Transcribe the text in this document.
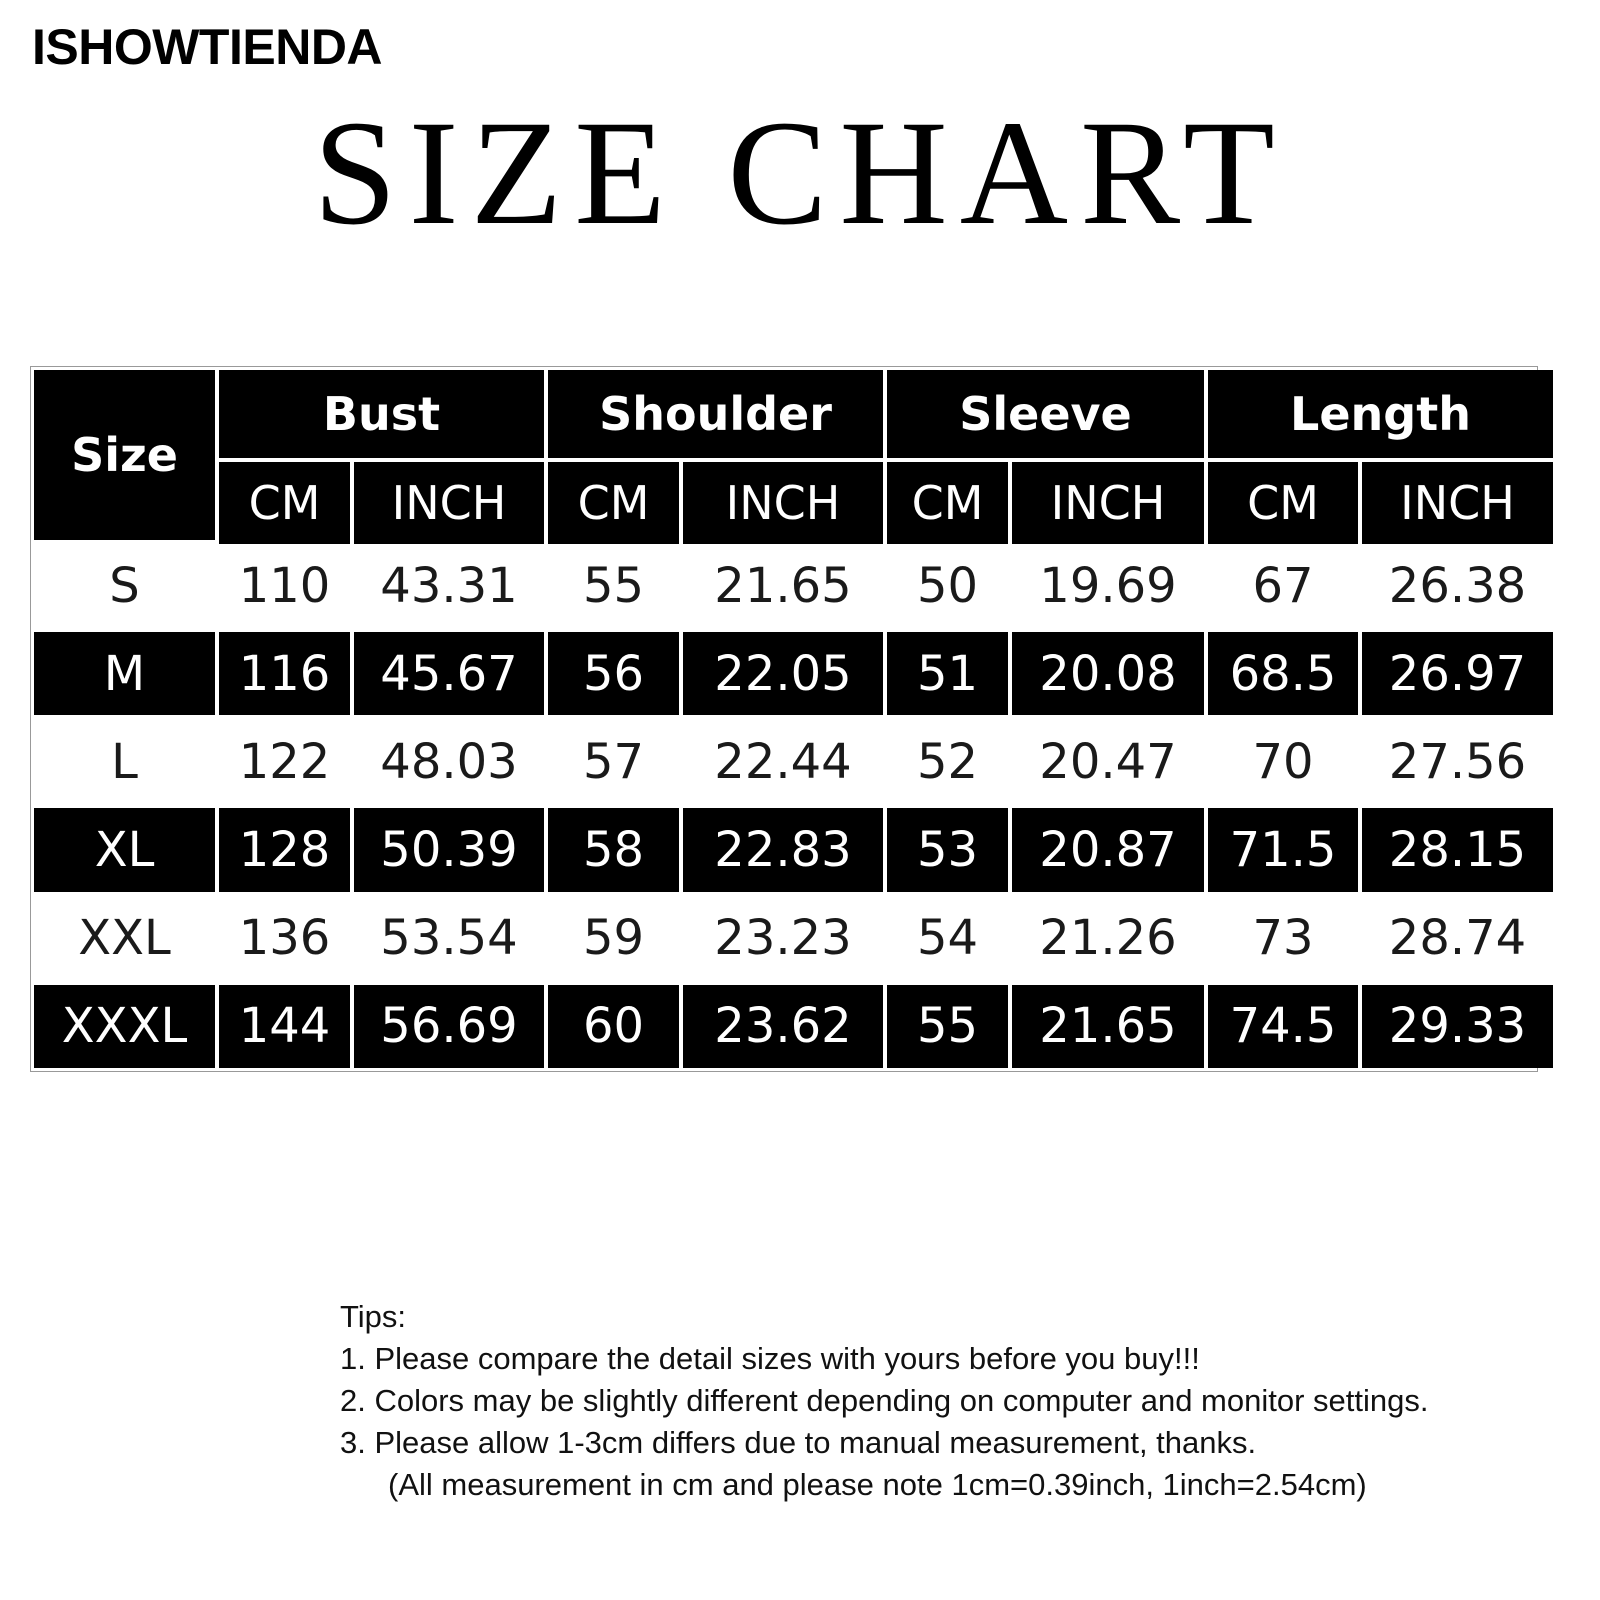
ISHOWTIENDA
SIZE CHART
Size	Bust		Shoulder		Sleeve		Length	
	CM	INCH	CM	INCH	CM	INCH	CM	INCH
S	110	43.31	55	21.65	50	19.69	67	26.38
M	116	45.67	56	22.05	51	20.08	68.5	26.97
L	122	48.03	57	22.44	52	20.47	70	27.56
XL	128	50.39	58	22.83	53	20.87	71.5	28.15
XXL	136	53.54	59	23.23	54	21.26	73	28.74
XXXL	144	56.69	60	23.62	55	21.65	74.5	29.33
Tips:
1. Please compare the detail sizes with yours before you buy!!!
2. Colors may be slightly different depending on computer and monitor settings.
3. Please allow 1-3cm differs due to manual measurement, thanks.
(All measurement in cm and please note 1cm=0.39inch, 1inch=2.54cm)
